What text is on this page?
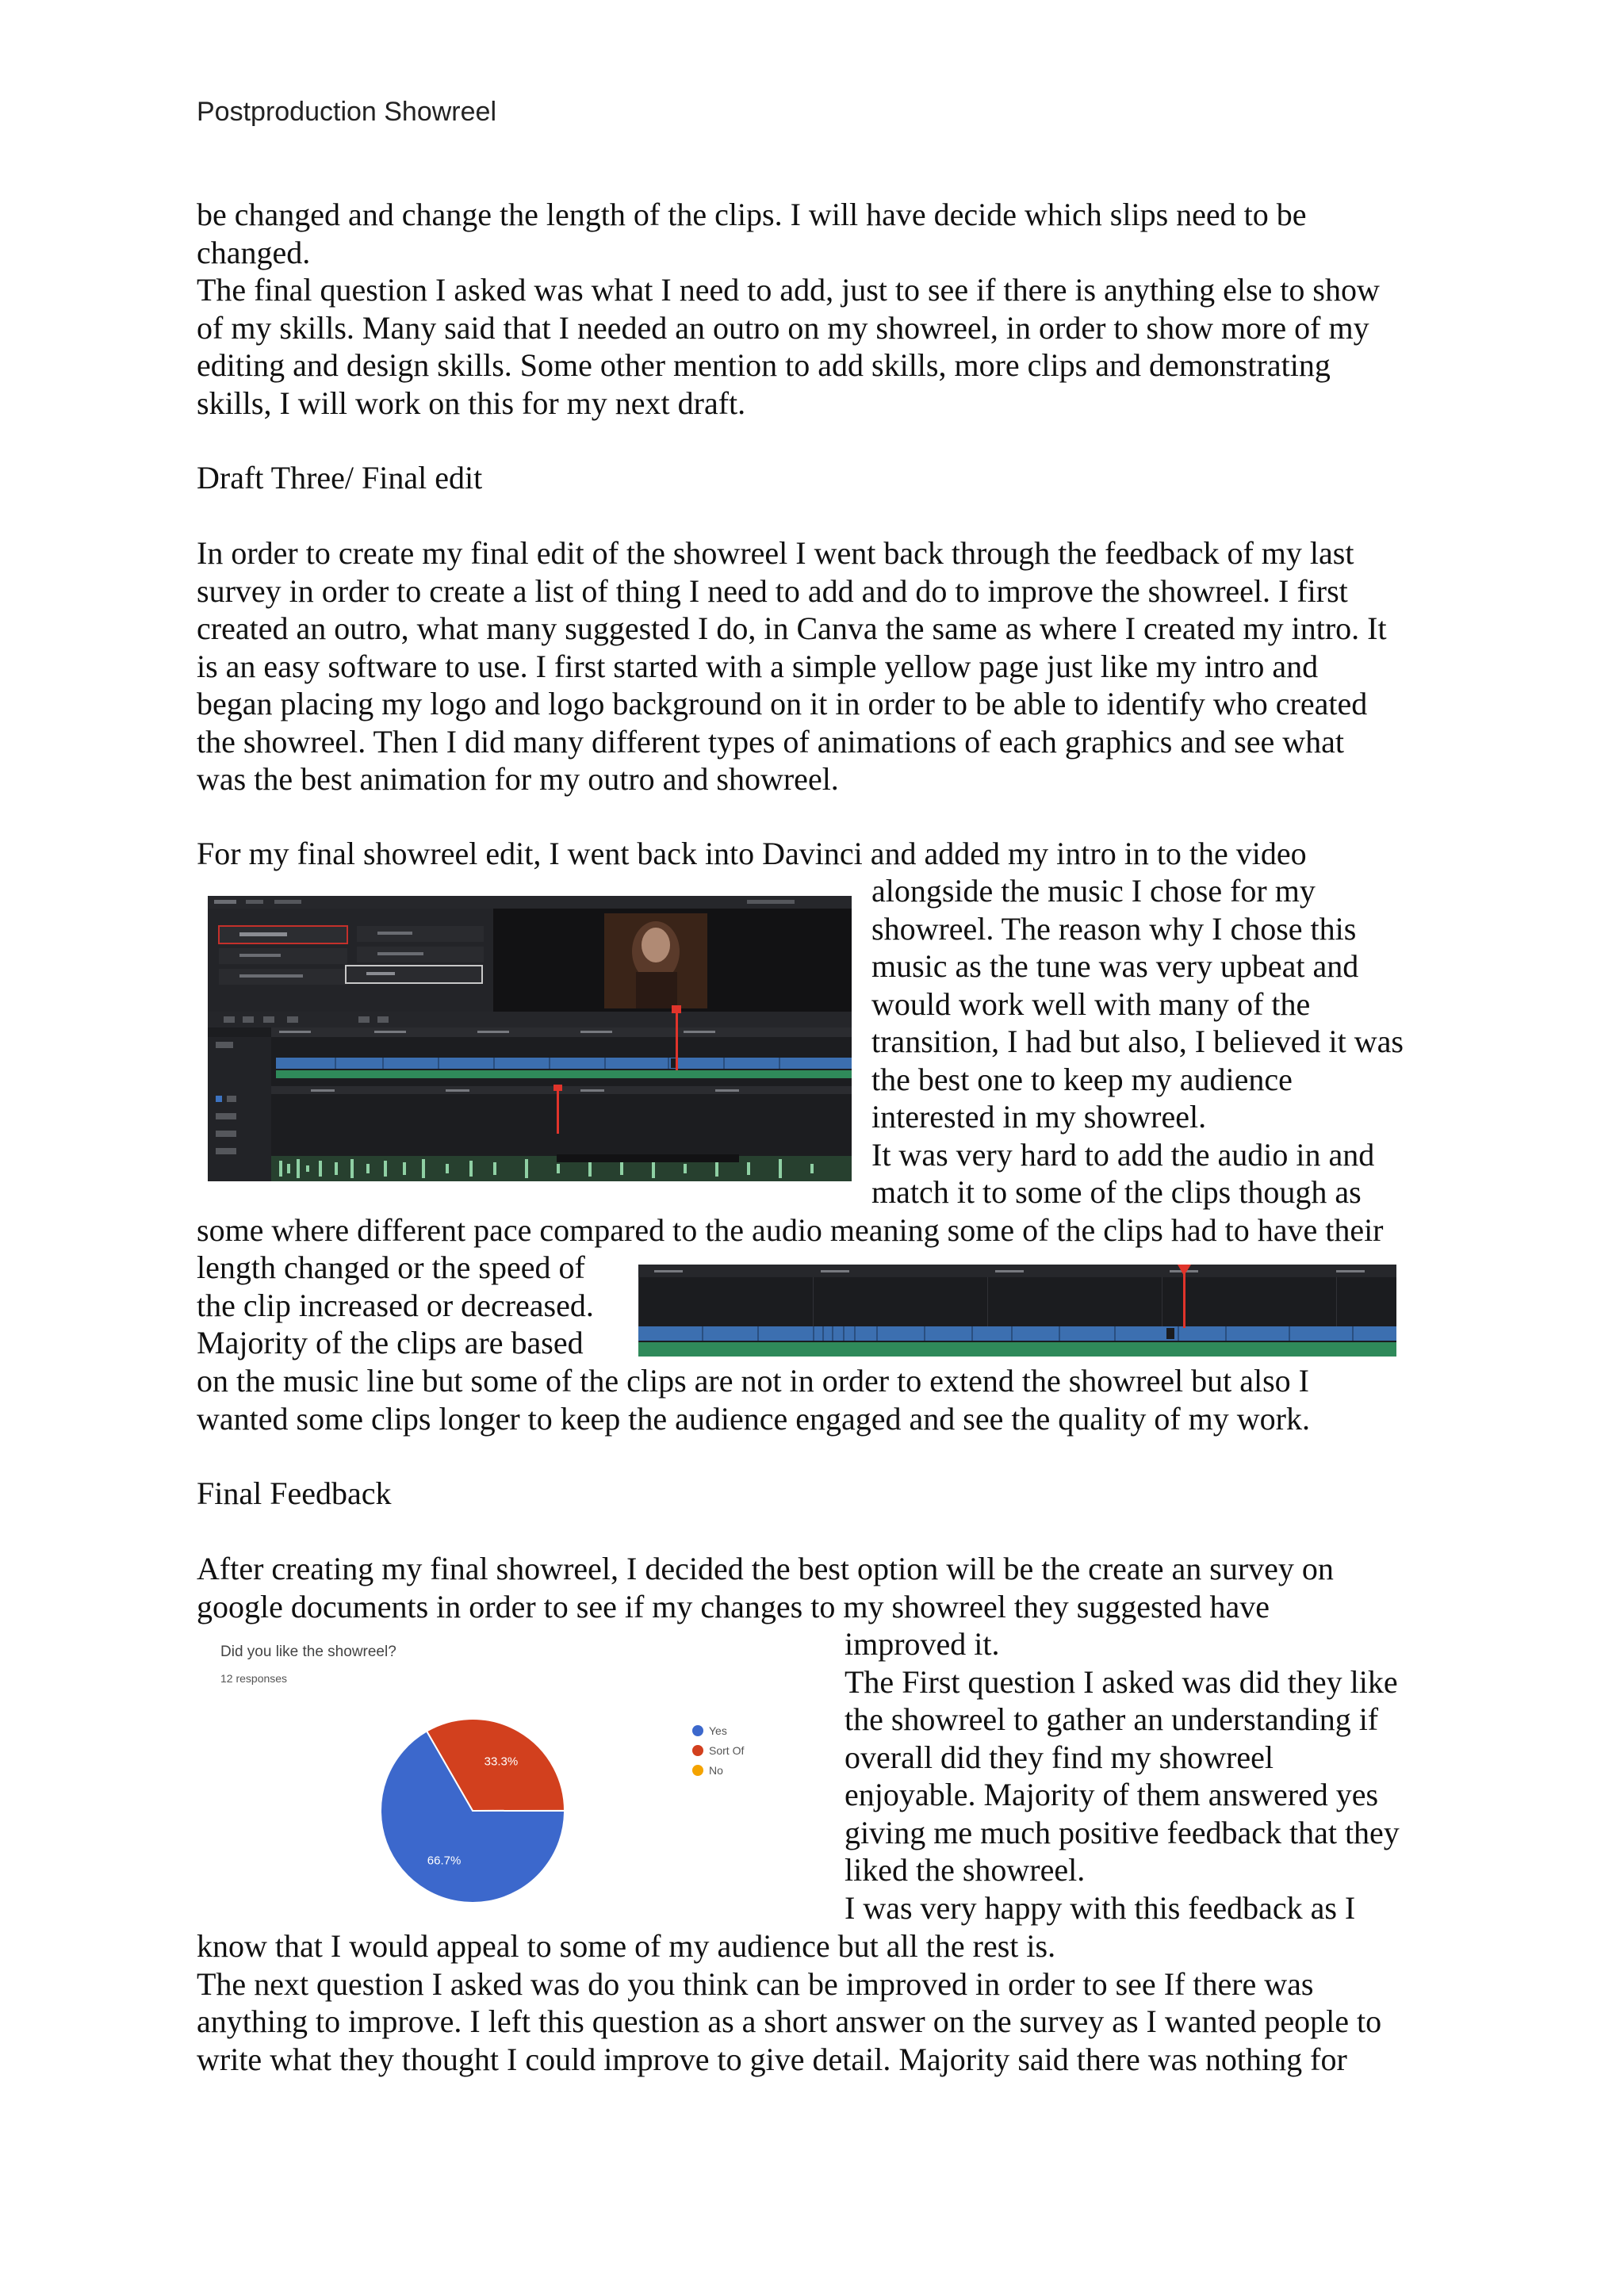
Postproduction Showreel
be changed and change the length of the clips. I will have decide which slips need to be
changed.
The final question I asked was what I need to add, just to see if there is anything else to show
of my skills. Many said that I needed an outro on my showreel, in order to show more of my
editing and design skills. Some other mention to add skills, more clips and demonstrating
skills, I will work on this for my next draft.
Draft Three/ Final edit
In order to create my final edit of the showreel I went back through the feedback of my last
survey in order to create a list of thing I need to add and do to improve the showreel. I first
created an outro, what many suggested I do, in Canva the same as where I created my intro. It
is an easy software to use. I first started with a simple yellow page just like my intro and
began placing my logo and logo background on it in order to be able to identify who created
the showreel. Then I did many different types of animations of each graphics and see what
was the best animation for my outro and showreel.
For my final showreel edit, I went back into Davinci and added my intro in to the video
alongside the music I chose for my
showreel. The reason why I chose this
music as the tune was very upbeat and
would work well with many of the
transition, I had but also, I believed it was
the best one to keep my audience
interested in my showreel.
It was very hard to add the audio in and
match it to some of the clips though as
some where different pace compared to the audio meaning some of the clips had to have their
length changed or the speed of
the clip increased or decreased.
Majority of the clips are based
on the music line but some of the clips are not in order to extend the showreel but also I
wanted some clips longer to keep the audience engaged and see the quality of my work.
Final Feedback
After creating my final showreel, I decided the best option will be the create an survey on
google documents in order to see if my changes to my showreel they suggested have
improved it.
The First question I asked was did they like
the showreel to gather an understanding if
overall did they find my showreel
enjoyable. Majority of them answered yes
giving me much positive feedback that they
liked the showreel.
I was very happy with this feedback as I
Did you like the showreel?
12 responses
33.3%
66.7%
Yes
Sort Of
No
know that I would appeal to some of my audience but all the rest is.
The next question I asked was do you think can be improved in order to see If there was
anything to improve. I left this question as a short answer on the survey as I wanted people to
write what they thought I could improve to give detail. Majority said there was nothing for
